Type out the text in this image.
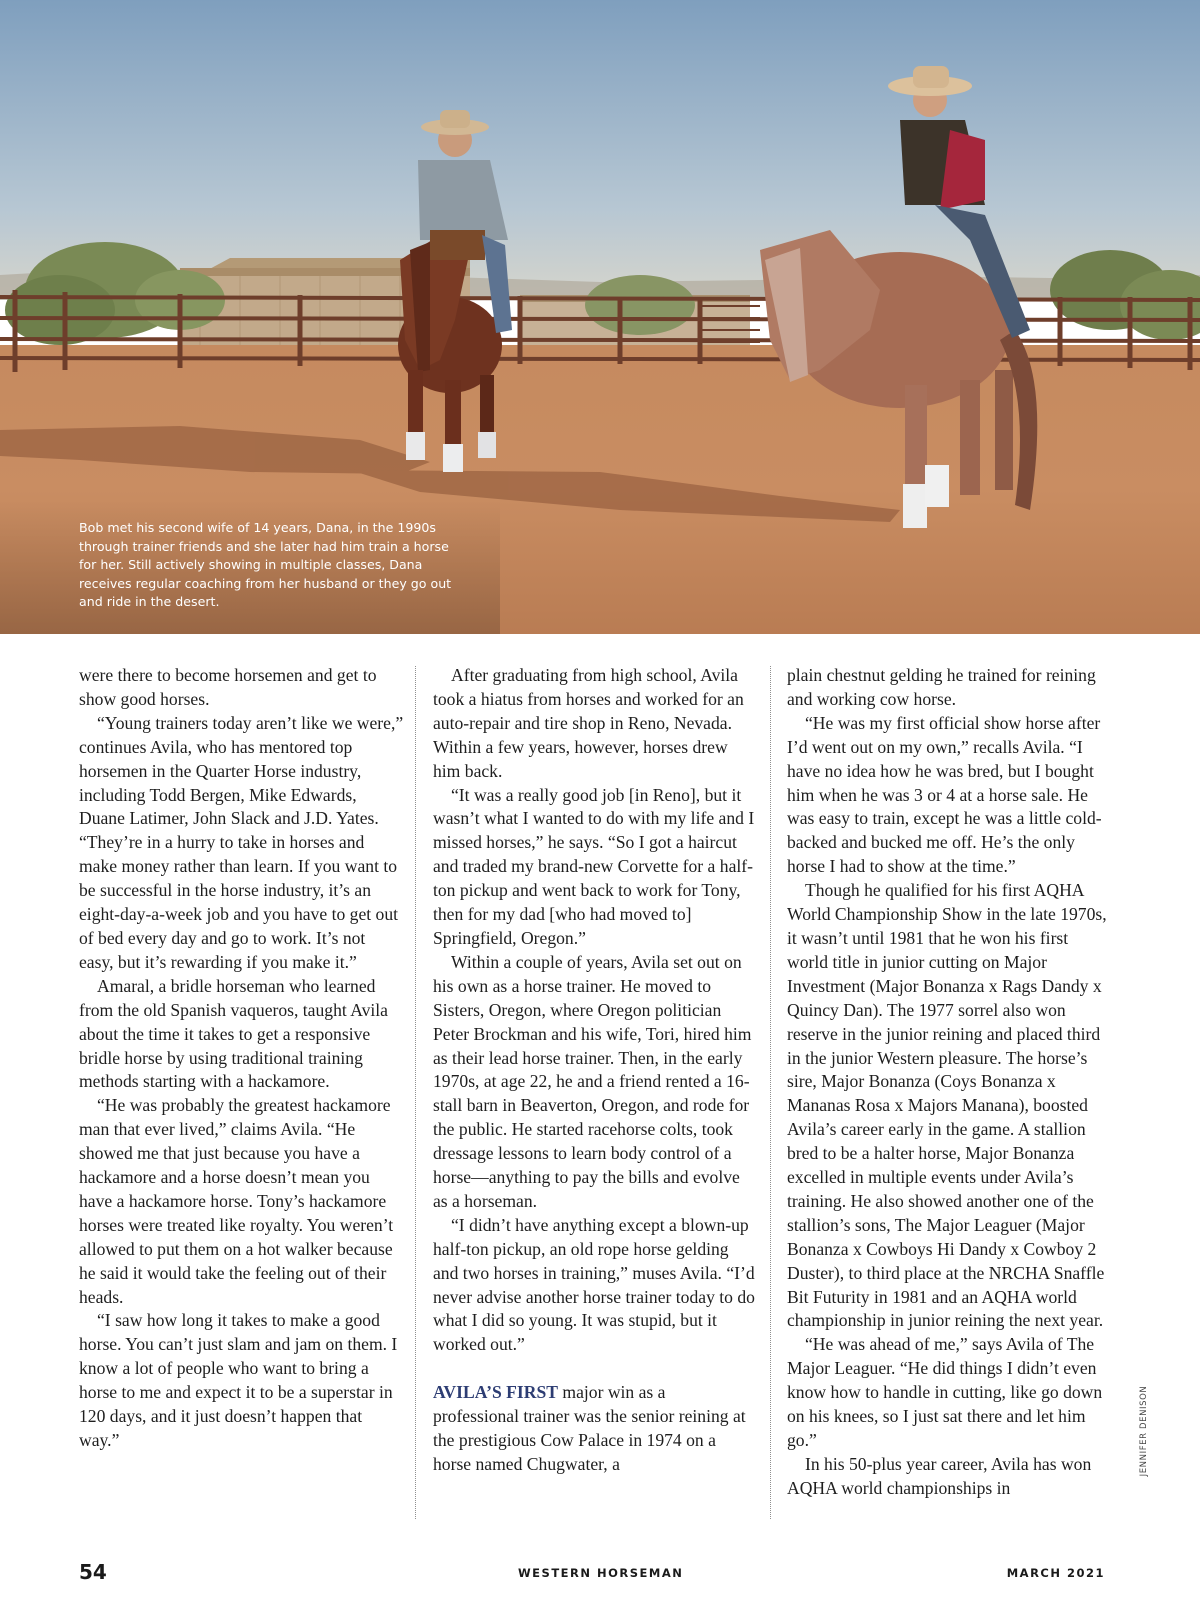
Bob met his second wife of 14 years, Dana, in the 1990s through trainer friends and she later had him train a horse for her. Still actively showing in multiple classes, Dana receives regular coaching from her husband or they go out and ride in the desert.

were there to become horsemen and get to show good horses.

“Young trainers today aren’t like we were,” continues Avila, who has mentored top horsemen in the Quarter Horse industry, including Todd Bergen, Mike Edwards, Duane Latimer, John Slack and J.D. Yates. “They’re in a hurry to take in horses and make money rather than learn. If you want to be successful in the horse industry, it’s an eight-day-a-week job and you have to get out of bed every day and go to work. It’s not easy, but it’s rewarding if you make it.”

Amaral, a bridle horseman who learned from the old Spanish vaqueros, taught Avila about the time it takes to get a responsive bridle horse by using traditional training methods starting with a hackamore.

“He was probably the greatest hackamore man that ever lived,” claims Avila. “He showed me that just because you have a hackamore and a horse doesn’t mean you have a hackamore horse. Tony’s hackamore horses were treated like royalty. You weren’t allowed to put them on a hot walker because he said it would take the feeling out of their heads.

“I saw how long it takes to make a good horse. You can’t just slam and jam on them. I know a lot of people who want to bring a horse to me and expect it to be a superstar in 120 days, and it just doesn’t happen that way.”

After graduating from high school, Avila took a hiatus from horses and worked for an auto-repair and tire shop in Reno, Nevada. Within a few years, however, horses drew him back.

“It was a really good job [in Reno], but it wasn’t what I wanted to do with my life and I missed horses,” he says. “So I got a haircut and traded my brand-new Corvette for a half-ton pickup and went back to work for Tony, then for my dad [who had moved to] Springfield, Oregon.”

Within a couple of years, Avila set out on his own as a horse trainer. He moved to Sisters, Oregon, where Oregon politician Peter Brockman and his wife, Tori, hired him as their lead horse trainer. Then, in the early 1970s, at age 22, he and a friend rented a 16-stall barn in Beaverton, Oregon, and rode for the public. He started racehorse colts, took dressage lessons to learn body control of a horse—anything to pay the bills and evolve as a horseman.

“I didn’t have anything except a blown-up half-ton pickup, an old rope horse gelding and two horses in training,” muses Avila. “I’d never advise another horse trainer today to do what I did so young. It was stupid, but it worked out.”

AVILA’S FIRST major win as a professional trainer was the senior reining at the prestigious Cow Palace in 1974 on a horse named Chugwater, a

plain chestnut gelding he trained for reining and working cow horse.

“He was my first official show horse after I’d went out on my own,” recalls Avila. “I have no idea how he was bred, but I bought him when he was 3 or 4 at a horse sale. He was easy to train, except he was a little cold-backed and bucked me off. He’s the only horse I had to show at the time.”

Though he qualified for his first AQHA World Championship Show in the late 1970s, it wasn’t until 1981 that he won his first world title in junior cutting on Major Investment (Major Bonanza x Rags Dandy x Quincy Dan). The 1977 sorrel also won reserve in the junior reining and placed third in the junior Western pleasure. The horse’s sire, Major Bonanza (Coys Bonanza x Mananas Rosa x Majors Manana), boosted Avila’s career early in the game. A stallion bred to be a halter horse, Major Bonanza excelled in multiple events under Avila’s training. He also showed another one of the stallion’s sons, The Major Leaguer (Major Bonanza x Cowboys Hi Dandy x Cowboy 2 Duster), to third place at the NRCHA Snaffle Bit Futurity in 1981 and an AQHA world championship in junior reining the next year.

“He was ahead of me,” says Avila of The Major Leaguer. “He did things I didn’t even know how to handle in cutting, like go down on his knees, so I just sat there and let him go.”

In his 50-plus year career, Avila has won AQHA world championships in

JENNIFER DENISON
54	WESTERN HORSEMAN	MARCH 2021
